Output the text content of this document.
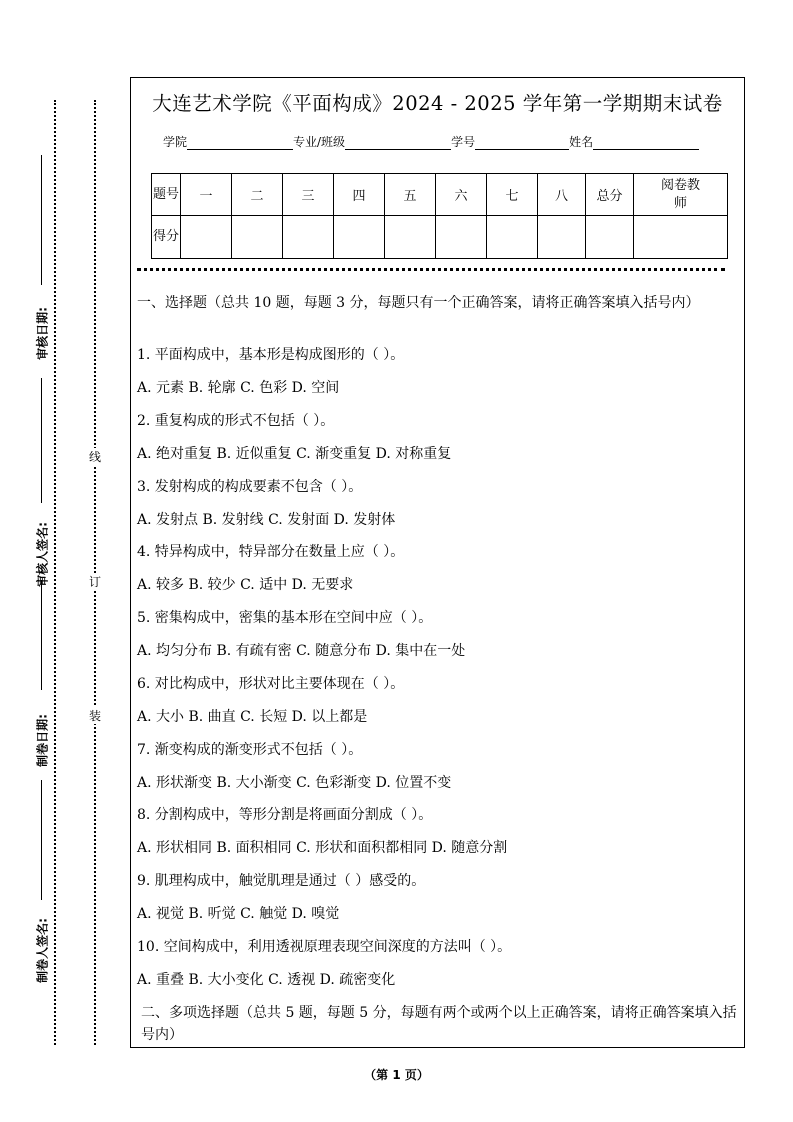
审核日期:
审核人签名:
制卷日期:
制卷人签名:
线
订
装
大连艺术学院《平面构成》2024 - 2025 学年第一学期期末试卷
学院	专业/班级	学号	姓名
题号	一	二	三	四	五	六	七	八	总分	阅卷教师
得分										
一、选择题（总共 10 题，每题 3 分，每题只有一个正确答案，请将正确答案填入括号内）
1. 平面构成中，基本形是构成图形的（ ）。
A. 元素 B. 轮廓 C. 色彩 D. 空间
2. 重复构成的形式不包括（ ）。
A. 绝对重复 B. 近似重复 C. 渐变重复 D. 对称重复
3. 发射构成的构成要素不包含（ ）。
A. 发射点 B. 发射线 C. 发射面 D. 发射体
4. 特异构成中，特异部分在数量上应（ ）。
A. 较多 B. 较少 C. 适中 D. 无要求
5. 密集构成中，密集的基本形在空间中应（ ）。
A. 均匀分布 B. 有疏有密 C. 随意分布 D. 集中在一处
6. 对比构成中，形状对比主要体现在（ ）。
A. 大小 B. 曲直 C. 长短 D. 以上都是
7. 渐变构成的渐变形式不包括（ ）。
A. 形状渐变 B. 大小渐变 C. 色彩渐变 D. 位置不变
8. 分割构成中，等形分割是将画面分割成（ ）。
A. 形状相同 B. 面积相同 C. 形状和面积都相同 D. 随意分割
9. 肌理构成中，触觉肌理是通过（ ）感受的。
A. 视觉 B. 听觉 C. 触觉 D. 嗅觉
10. 空间构成中，利用透视原理表现空间深度的方法叫（ ）。
A. 重叠 B. 大小变化 C. 透视 D. 疏密变化
二、多项选择题（总共 5 题，每题 5 分，每题有两个或两个以上正确答案，请将正确答案填入括号内）
（第 1 页）
